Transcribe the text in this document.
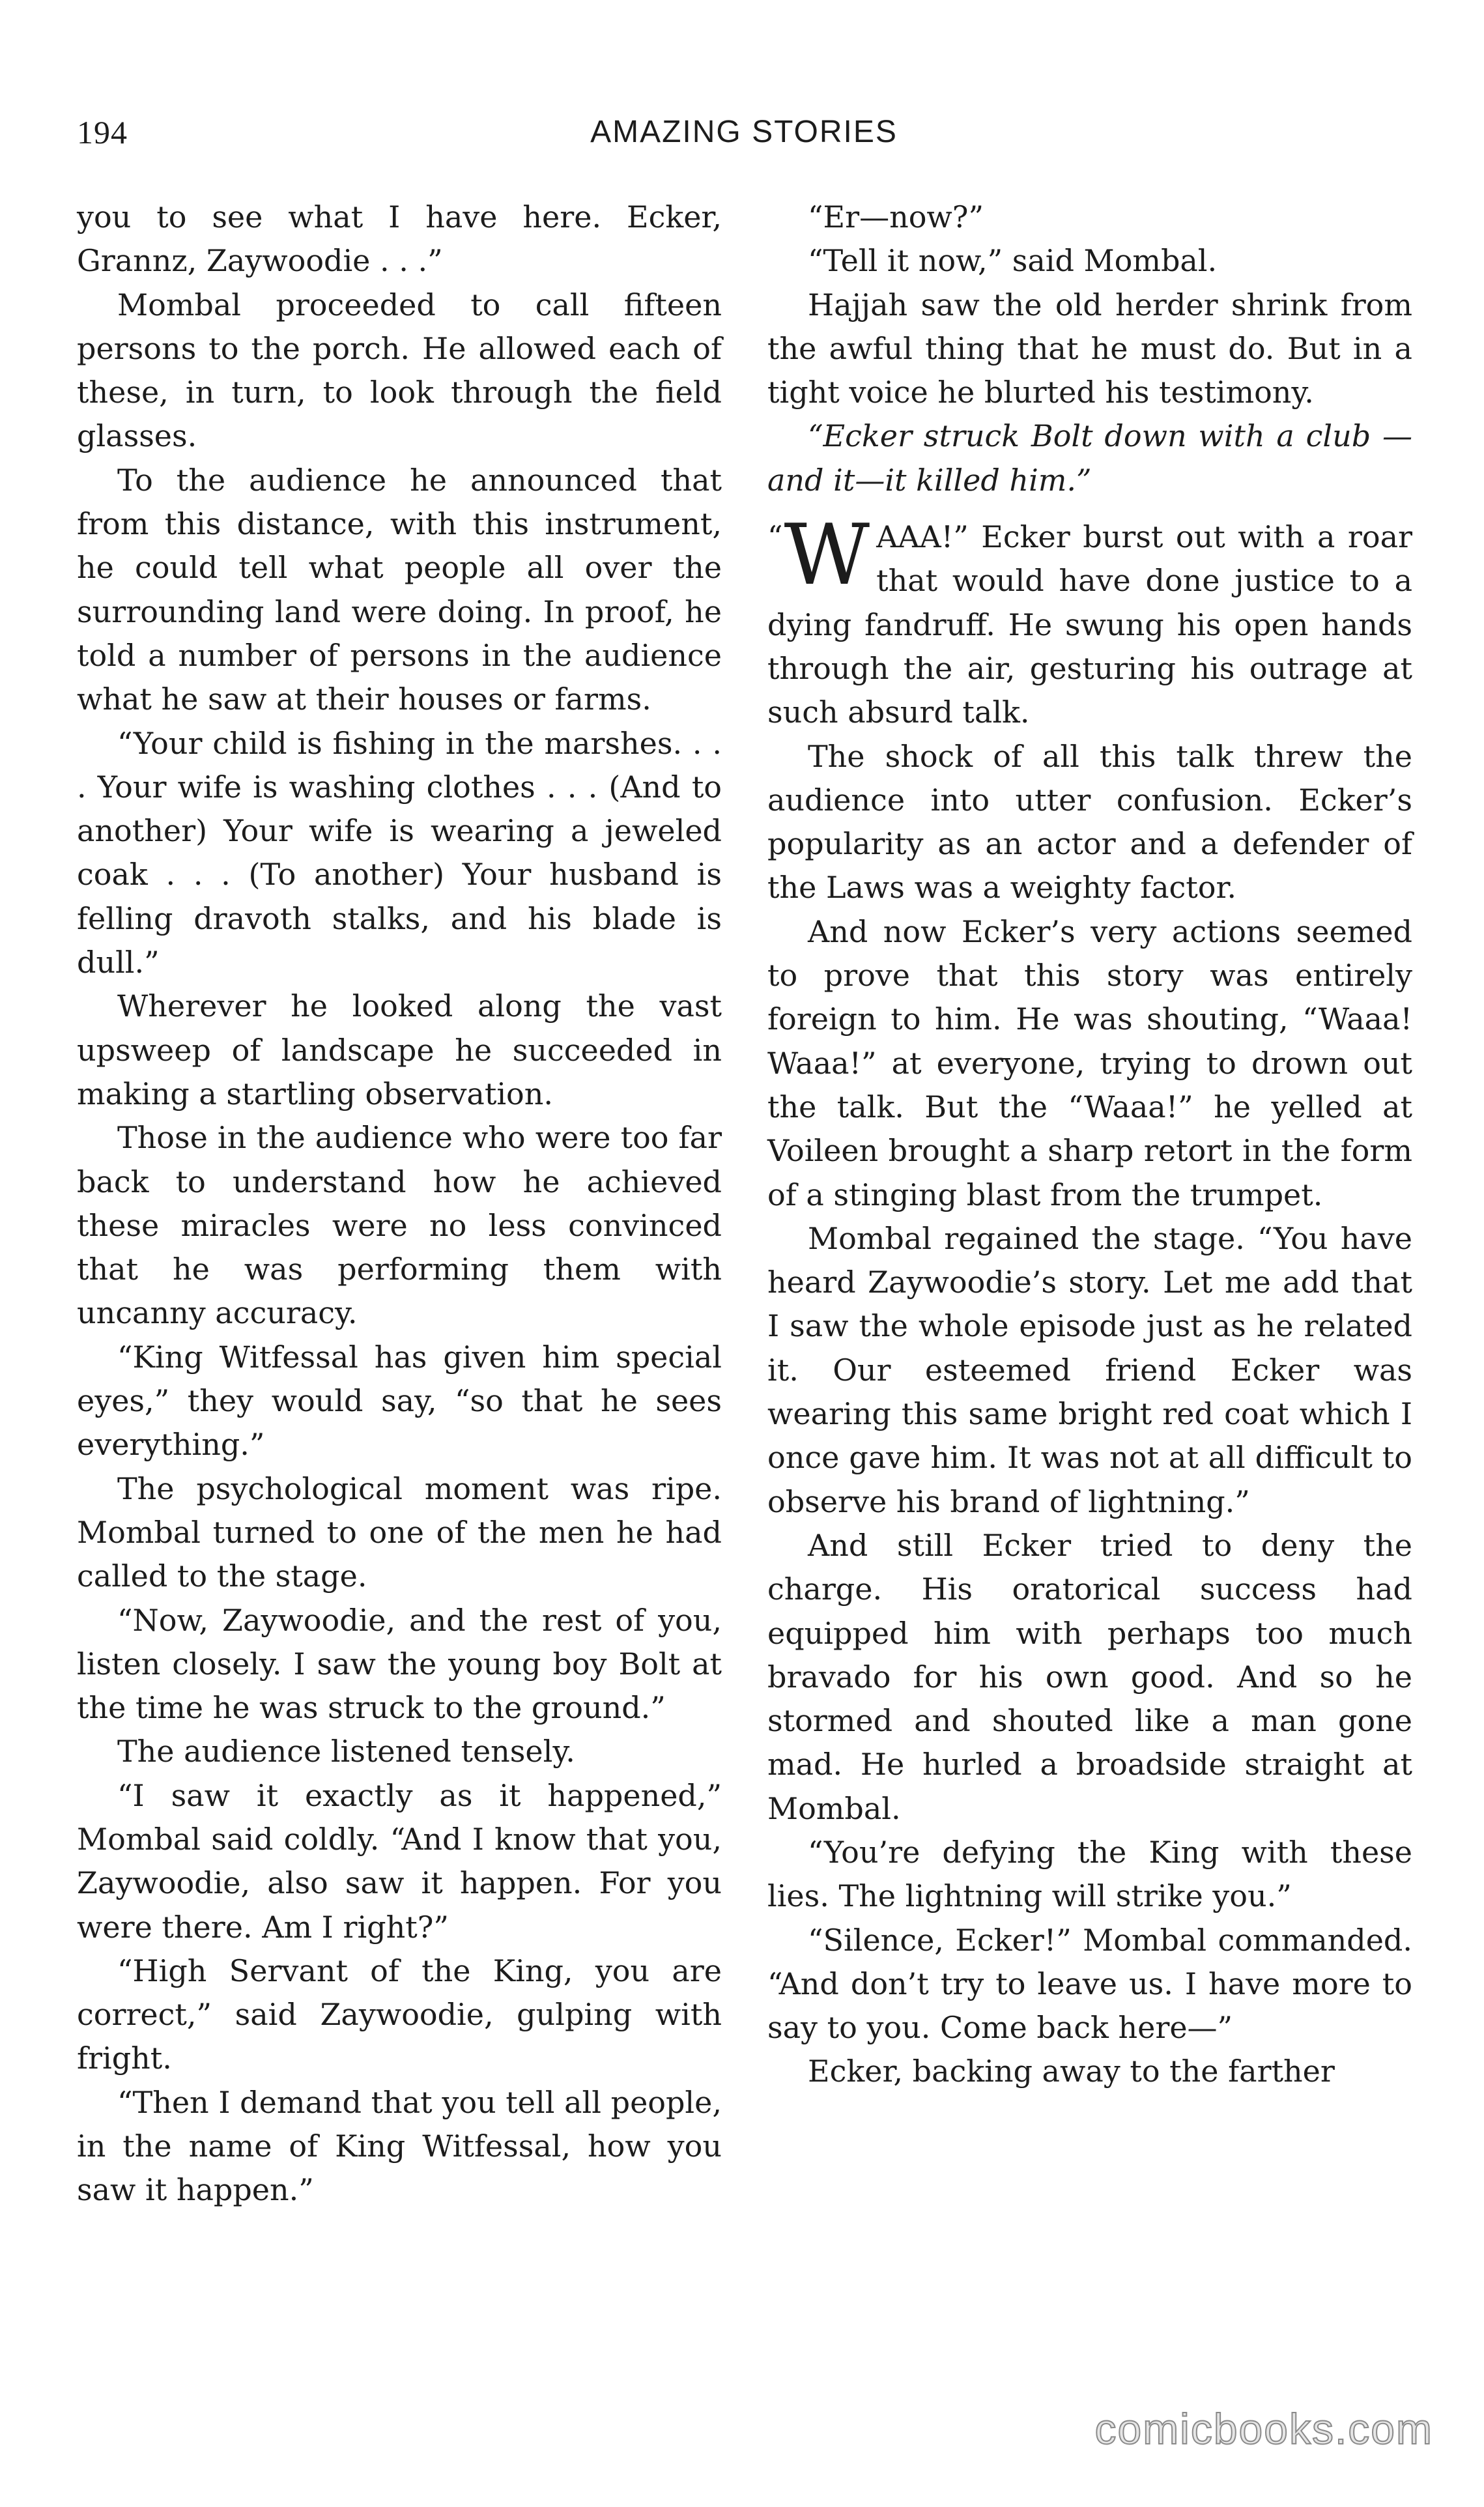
194	AMAZING STORIES

you to see what I have here. Ecker, Grannz, Zaywoodie . . .”

Mombal proceeded to call fifteen persons to the porch. He allowed each of these, in turn, to look through the field glasses.

To the audience he announced that from this distance, with this instrument, he could tell what people all over the surrounding land were doing. In proof, he told a number of persons in the audience what he saw at their houses or farms.

“Your child is fishing in the marshes. . . . Your wife is washing clothes . . . (And to another) Your wife is wearing a jeweled coak . . . (To another) Your husband is felling dravoth stalks, and his blade is dull.”

Wherever he looked along the vast upsweep of landscape he succeeded in making a startling observation.

Those in the audience who were too far back to understand how he achieved these miracles were no less convinced that he was performing them with uncanny accuracy.

“King Witfessal has given him special eyes,” they would say, “so that he sees everything.”

The psychological moment was ripe. Mombal turned to one of the men he had called to the stage.

“Now, Zaywoodie, and the rest of you, listen closely. I saw the young boy Bolt at the time he was struck to the ground.”

The audience listened tensely.

“I saw it exactly as it happened,” Mombal said coldly. “And I know that you, Zaywoodie, also saw it happen. For you were there. Am I right?”

“High Servant of the King, you are correct,” said Zaywoodie, gulping with fright.

“Then I demand that you tell all people, in the name of King Witfessal, how you saw it happen.”

“Er—now?”

“Tell it now,” said Mombal.

Hajjah saw the old herder shrink from the awful thing that he must do. But in a tight voice he blurted his testimony.

“Ecker struck Bolt down with a club —and it—it killed him.”

“ W AAA!” Ecker burst out with a roar that would have done justice to a dying fandruff. He swung his open hands through the air, gesturing his outrage at such absurd talk.

The shock of all this talk threw the audience into utter confusion. Ecker’s popularity as an actor and a defender of the Laws was a weighty factor.

And now Ecker’s very actions seemed to prove that this story was entirely foreign to him. He was shouting, “Waaa! Waaa!” at everyone, trying to drown out the talk. But the “Waaa!” he yelled at Voileen brought a sharp retort in the form of a stinging blast from the trumpet.

Mombal regained the stage. “You have heard Zaywoodie’s story. Let me add that I saw the whole episode just as he related it. Our esteemed friend Ecker was wearing this same bright red coat which I once gave him. It was not at all difficult to observe his brand of lightning.”

And still Ecker tried to deny the charge. His oratorical success had equipped him with perhaps too much bravado for his own good. And so he stormed and shouted like a man gone mad. He hurled a broadside straight at Mombal.

“You’re defying the King with these lies. The lightning will strike you.”

“Silence, Ecker!” Mombal commanded. “And don’t try to leave us. I have more to say to you. Come back here—”

Ecker, backing away to the farther

comicbooks.com
